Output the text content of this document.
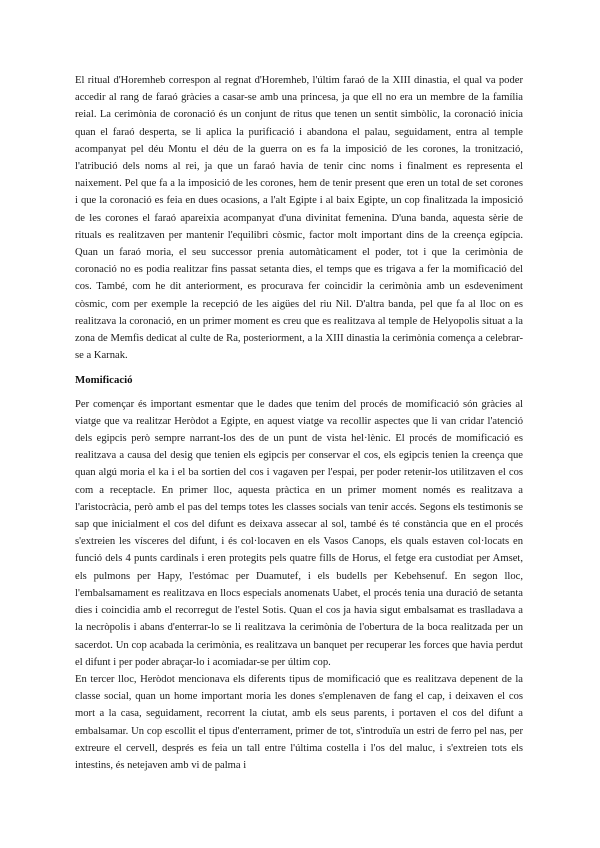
El ritual d'Horemheb correspon al regnat d'Horemheb, l'últim faraó de la XIII dinastia, el qual va poder accedir al rang de faraó gràcies a casar-se amb una princesa, ja que ell no era un membre de la família reial. La cerimònia de coronació és un conjunt de ritus que tenen un sentit simbòlic, la coronació inicia quan el faraó desperta, se li aplica la purificació i abandona el palau, seguidament, entra al temple acompanyat pel déu Montu el déu de la guerra on es fa la imposició de les corones, la tronització, l'atribució dels noms al rei, ja que un faraó havia de tenir cinc noms i finalment es representa el naixement. Pel que fa a la imposició de les corones, hem de tenir present que eren un total de set corones i que la coronació es feia en dues ocasions, a l'alt Egipte i al baix Egipte, un cop finalitzada la imposició de les corones el faraó apareixia acompanyat d'una divinitat femenina. D'una banda, aquesta sèrie de rituals es realitzaven per mantenir l'equilibri còsmic, factor molt important dins de la creença egípcia. Quan un faraó moria, el seu successor prenia automàticament el poder, tot i que la cerimònia de coronació no es podia realitzar fins passat setanta dies, el temps que es trigava a fer la momificació del cos. També, com he dit anteriorment, es procurava fer coincidir la cerimònia amb un esdeveniment còsmic, com per exemple la recepció de les aigües del riu Nil. D'altra banda, pel que fa al lloc on es realitzava la coronació, en un primer moment es creu que es realitzava al temple de Helyopolis situat a la zona de Memfis dedicat al culte de Ra, posteriorment, a la XIII dinastia la cerimònia comença a celebrar-se a Karnak.

Momificació

Per començar és important esmentar que le dades que tenim del procés de momificació són gràcies al viatge que va realitzar Heròdot a Egipte, en aquest viatge va recollir aspectes que li van cridar l'atenció dels egipcis però sempre narrant-los des de un punt de vista hel·lènic. El procés de momificació es realitzava a causa del desig que tenien els egipcis per conservar el cos, els egipcis tenien la creença que quan algú moria el ka i el ba sortien del cos i vagaven per l'espai, per poder retenir-los utilitzaven el cos com a receptacle. En primer lloc, aquesta pràctica en un primer moment només es realitzava a l'aristocràcia, però amb el pas del temps totes les classes socials van tenir accés. Segons els testimonis se sap que inicialment el cos del difunt es deixava assecar al sol, també és té constància que en el procés s'extreien les vísceres del difunt, i és col·locaven en els Vasos Canops, els quals estaven col·locats en funció dels 4 punts cardinals i eren protegits pels quatre fills de Horus, el fetge era custodiat per Amset, els pulmons per Hapy, l'estómac per Duamutef, i els budells per Kebehsenuf. En segon lloc, l'embalsamament es realitzava en llocs especials anomenats Uabet, el procés tenia una duració de setanta dies i coincidia amb el recorregut de l'estel Sotis. Quan el cos ja havia sigut embalsamat es traslladava a la necròpolis i abans d'enterrar-lo se li realitzava la cerimònia de l'obertura de la boca realitzada per un sacerdot. Un cop acabada la cerimònia, es realitzava un banquet per recuperar les forces que havia perdut el difunt i per poder abraçar-lo i acomiadar-se per últim cop.

En tercer lloc, Heròdot mencionava els diferents tipus de momificació que es realitzava depenent de la classe social, quan un home important moria les dones s'emplenaven de fang el cap, i deixaven el cos mort a la casa, seguidament, recorrent la ciutat, amb els seus parents, i portaven el cos del difunt a embalsamar. Un cop escollit el tipus d'enterrament, primer de tot, s'introduïa un estri de ferro pel nas, per extreure el cervell, després es feia un tall entre l'última costella i l'os del maluc, i s'extreien tots els intestins, és netejaven amb vi de palma i
